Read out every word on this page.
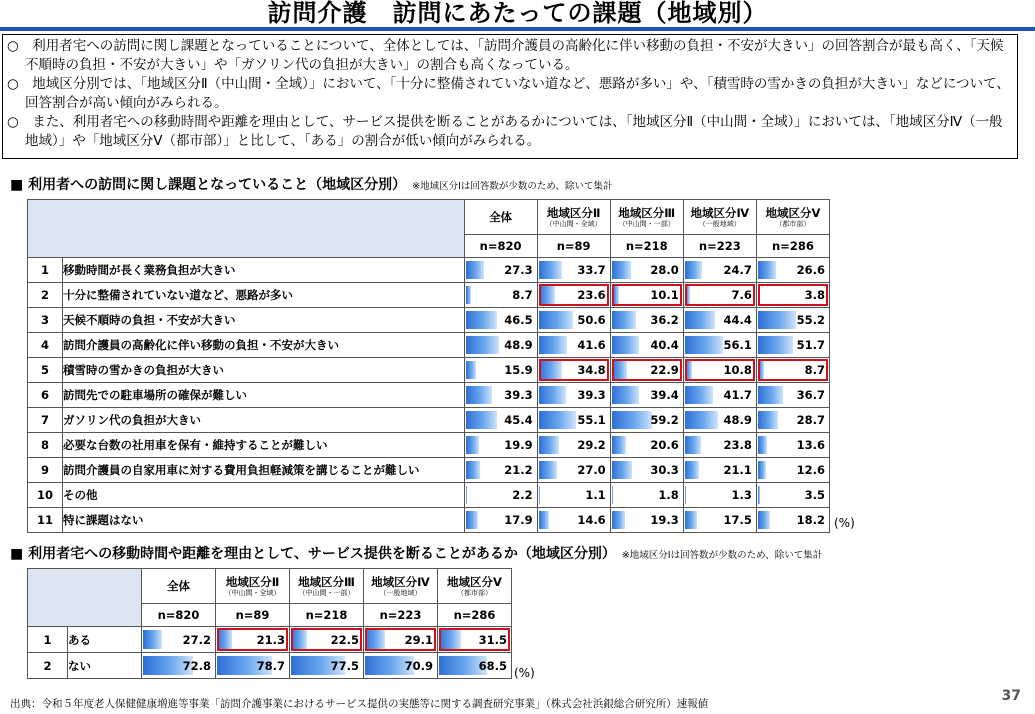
訪問介護　訪問にあたっての課題（地域別）

○　利用者宅への訪問に関し課題となっていることについて、全体としては、「訪問介護員の高齢化に伴い移動の負担・不安が大きい」の回答割合が最も高く、「天候不順時の負担・不安が大きい」や「ガソリン代の負担が大きい」の割合も高くなっている。

○　地域区分別では、「地域区分Ⅱ（中山間・全域）」において、「十分に整備されていない道など、悪路が多い」や、「積雪時の雪かきの負担が大きい」などについて、回答割合が高い傾向がみられる。

○　また、利用者宅への移動時間や距離を理由として、サービス提供を断ることがあるかについては、「地域区分Ⅱ（中山間・全域）」においては、「地域区分Ⅳ（一般地域）」や「地域区分Ⅴ（都市部）」と比して、「ある」の割合が低い傾向がみられる。

■ 利用者への訪問に関し課題となっていること（地域区分別） ※地域区分Ⅰは回答数が少数のため、除いて集計

		全体	地域区分Ⅱ
（中山間・全域）	地域区分Ⅲ
（中山間・一部）	地域区分Ⅳ
（一般地域）	地域区分Ⅴ
（都市部）

		n=820	n=89	n=218	n=223	n=286
1	移動時間が長く業務負担が大きい	27.3	33.7	28.0	24.7	26.6

2	十分に整備されていない道など、悪路が多い	8.7	23.6	10.1	7.6	3.8

3	天候不順時の負担・不安が大きい	46.5	50.6	36.2	44.4	55.2

4	訪問介護員の高齢化に伴い移動の負担・不安が大きい	48.9	41.6	40.4	56.1	51.7

5	積雪時の雪かきの負担が大きい	15.9	34.8	22.9	10.8	8.7

6	訪問先での駐車場所の確保が難しい	39.3	39.3	39.4	41.7	36.7

7	ガソリン代の負担が大きい	45.4	55.1	59.2	48.9	28.7

8	必要な台数の社用車を保有・維持することが難しい	19.9	29.2	20.6	23.8	13.6

9	訪問介護員の自家用車に対する費用負担軽減策を講じることが難しい	21.2	27.0	30.3	21.1	12.6

10	その他	2.2	1.1	1.8	1.3	3.5

11	特に課題はない	17.9	14.6	19.3	17.5	18.2 (%)
■ 利用者宅への移動時間や距離を理由として、サービス提供を断ることがあるか（地域区分別） ※地域区分Ⅰは回答数が少数のため、除いて集計

		全体	地域区分Ⅱ
（中山間・全域）	地域区分Ⅲ
（中山間・一部）	地域区分Ⅳ
（一般地域）	地域区分Ⅴ
（都市部）

		n=820	n=89	n=218	n=223	n=286
1	ある	27.2	21.3	22.5	29.1	31.5

2	ない	72.8	78.7	77.5	70.9	68.5
(%)
出典：令和５年度老人保健健康増進等事業「訪問介護事業におけるサービス提供の実態等に関する調査研究事業」（株式会社浜銀総合研究所）速報値	37
